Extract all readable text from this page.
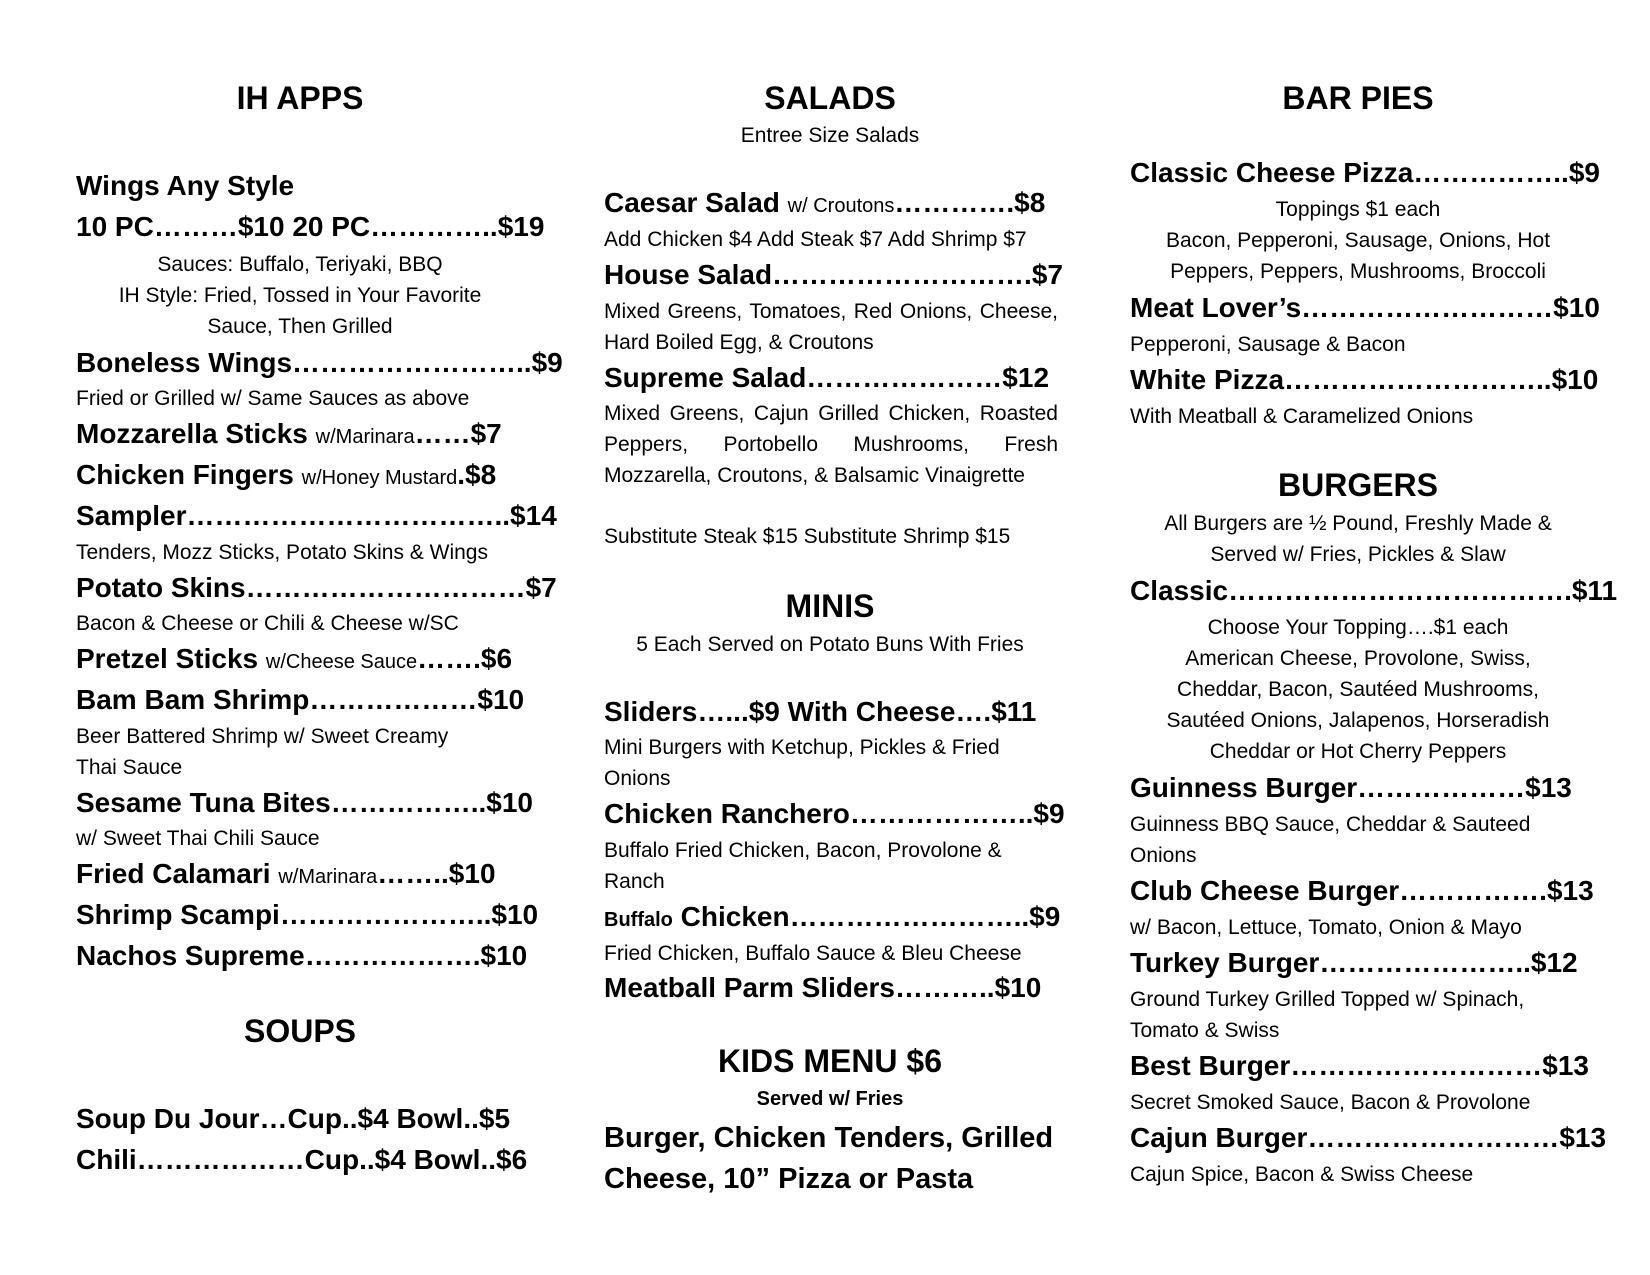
IH APPS
Wings Any Style
10 PC………$10 20 PC…………..$19
Sauces: Buffalo, Teriyaki, BBQ
IH Style: Fried, Tossed in Your Favorite
Sauce, Then Grilled
Boneless Wings……………………..$9
Fried or Grilled w/ Same Sauces as above
Mozzarella Sticks w/Marinara……$7
Chicken Fingers w/Honey Mustard.$8
Sampler……………………………..$14
Tenders, Mozz Sticks, Potato Skins & Wings
Potato Skins…………………………$7
Bacon & Cheese or Chili & Cheese w/SC
Pretzel Sticks w/Cheese Sauce…….$6
Bam Bam Shrimp………………$10
Beer Battered Shrimp w/ Sweet Creamy
Thai Sauce
Sesame Tuna Bites……………..$10
w/ Sweet Thai Chili Sauce
Fried Calamari w/Marinara……..$10
Shrimp Scampi…………………..$10
Nachos Supreme……………….$10
SOUPS
Soup Du Jour…Cup..$4 Bowl..$5
Chili………………Cup..$4 Bowl..$6
SALADS
Entree Size Salads
Caesar Salad w/ Croutons………….$8
Add Chicken $4 Add Steak $7 Add Shrimp $7
House Salad……………………….$7
Mixed Greens, Tomatoes, Red Onions, Cheese, Hard Boiled Egg, & Croutons
Supreme Salad…………………$12
Mixed Greens, Cajun Grilled Chicken, Roasted Peppers, Portobello Mushrooms, Fresh Mozzarella, Croutons, & Balsamic Vinaigrette
Substitute Steak $15 Substitute Shrimp $15
MINIS
5 Each Served on Potato Buns With Fries
Sliders…...$9 With Cheese….$11
Mini Burgers with Ketchup, Pickles & Fried
Onions
Chicken Ranchero………………..$9
Buffalo Fried Chicken, Bacon, Provolone &
Ranch
Buffalo Chicken……………………..$9
Fried Chicken, Buffalo Sauce & Bleu Cheese
Meatball Parm Sliders………..$10
KIDS MENU $6
Served w/ Fries
Burger, Chicken Tenders, Grilled Cheese, 10” Pizza or Pasta
BAR PIES
Classic Cheese Pizza……………..$9
Toppings $1 each
Bacon, Pepperoni, Sausage, Onions, Hot
Peppers, Peppers, Mushrooms, Broccoli
Meat Lover’s………………………$10
Pepperoni, Sausage & Bacon
White Pizza………………………..$10
With Meatball & Caramelized Onions
BURGERS
All Burgers are ½ Pound, Freshly Made &
Served w/ Fries, Pickles & Slaw
Classic……………………………….$11
Choose Your Topping….$1 each
American Cheese, Provolone, Swiss,
Cheddar, Bacon, Sautéed Mushrooms,
Sautéed Onions, Jalapenos, Horseradish
Cheddar or Hot Cherry Peppers
Guinness Burger………………$13
Guinness BBQ Sauce, Cheddar & Sauteed
Onions
Club Cheese Burger…………….$13
w/ Bacon, Lettuce, Tomato, Onion & Mayo
Turkey Burger…………………..$12
Ground Turkey Grilled Topped w/ Spinach,
Tomato & Swiss
Best Burger………………………$13
Secret Smoked Sauce, Bacon & Provolone
Cajun Burger………………………$13
Cajun Spice, Bacon & Swiss Cheese
